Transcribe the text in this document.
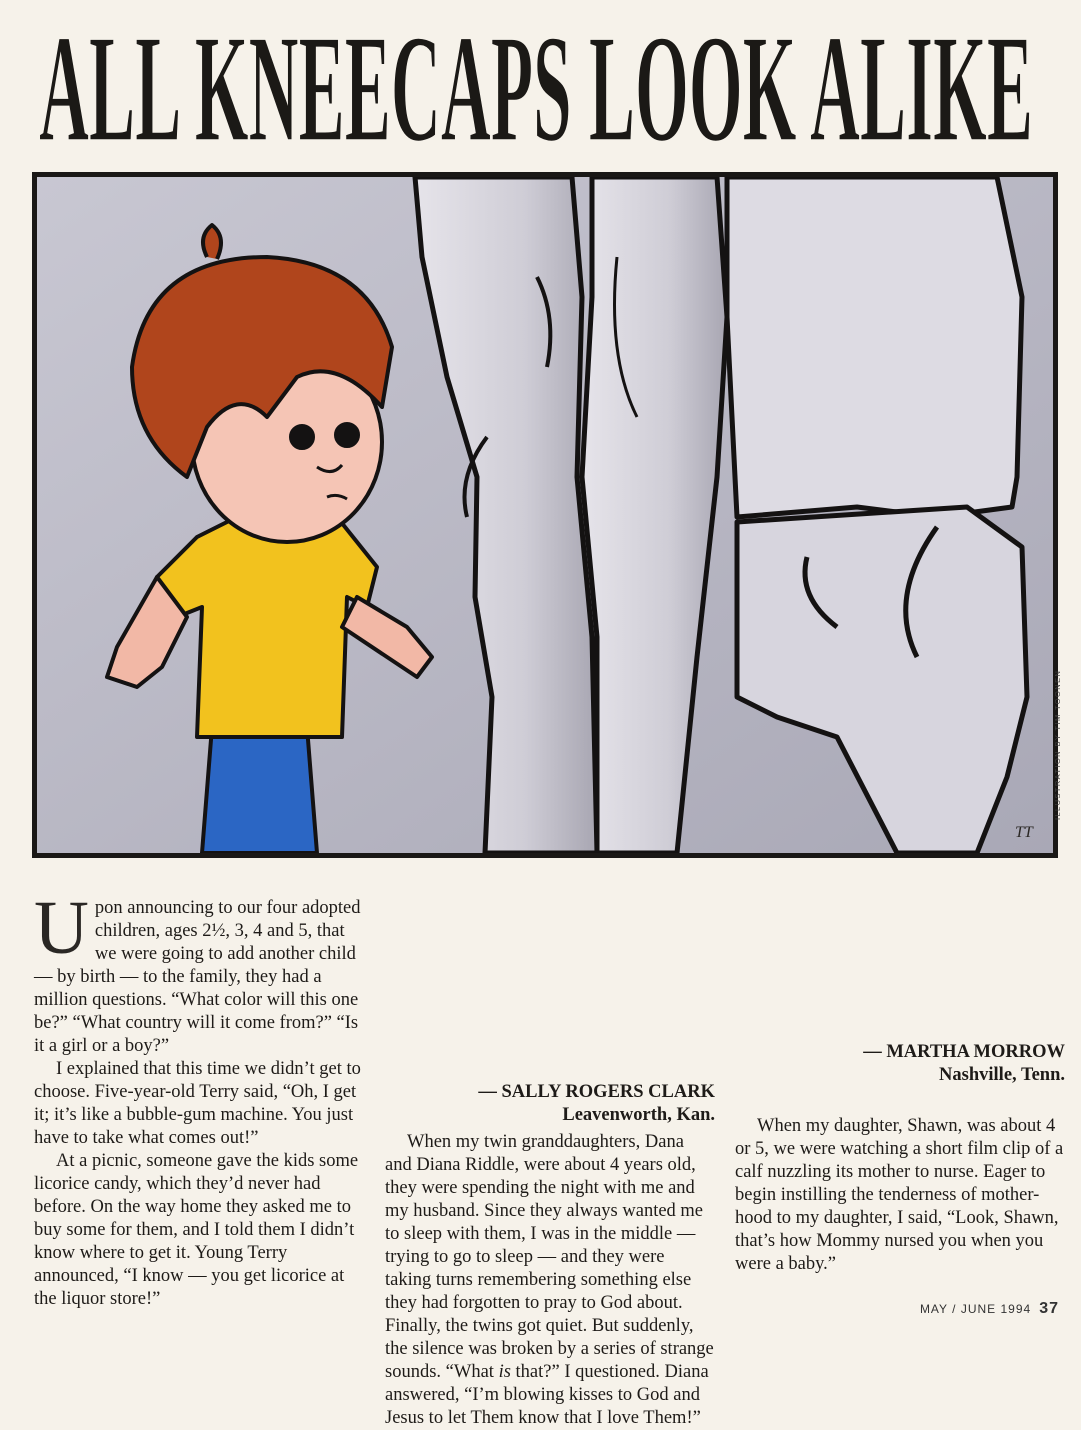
ALL KNEECAPS LOOK ALIKE
TT
ILLUSTRATION BY TIM TOONEN

Upon announcing to our four adopted children, ages 2½, 3, 4 and 5, that we were going to add another child — by birth — to the family, they had a million questions. “What color will this one be?” “What country will it come from?” “Is it a girl or a boy?”

I explained that this time we didn’t get to choose. Five-year-old Terry said, “Oh, I get it; it’s like a bubble-gum machine. You just have to take what comes out!”

At a picnic, someone gave the kids some licorice candy, which they’d never had before. On the way home they asked me to buy some for them, and I told them I didn’t know where to get it. Young Terry announced, “I know — you get licorice at the liquor store!”

— SALLY ROGERS CLARK

Leavenworth, Kan.

When my twin granddaughters, Dana and Diana Riddle, were about 4 years old, they were spending the night with me and my husband. Since they always wanted me to sleep with them, I was in the middle — trying to go to sleep — and they were taking turns remembering something else they had forgotten to pray to God about. Finally, the twins got quiet. But suddenly, the silence was broken by a series of strange sounds. “What is that?” I questioned. Diana answered, “I’m blowing kisses to God and Jesus to let Them know that I love Them!”

— MARTHA MORROW

Nashville, Tenn.

When my daughter, Shawn, was about 4 or 5, we were watching a short film clip of a calf nuzzling its mother to nurse. Eager to begin instilling the tenderness of mother-hood to my daughter, I said, “Look, Shawn, that’s how Mommy nursed you when you were a baby.”

MAY / JUNE 1994 37
